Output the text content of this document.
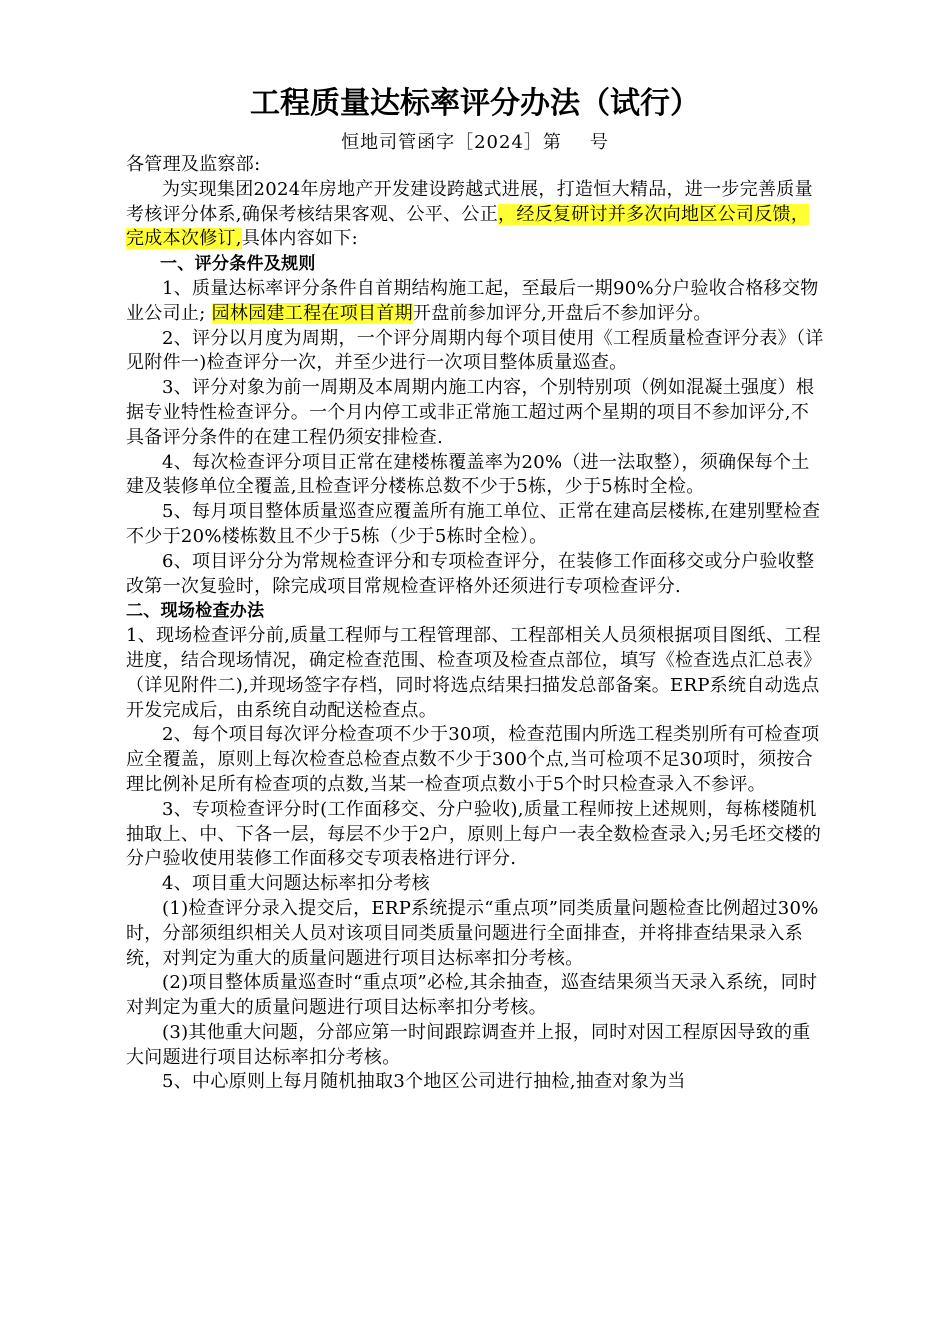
工程质量达标率评分办法（试行）
恒地司管函字［2024］第 号

各管理及监察部:

为实现集团2024年房地产开发建设跨越式进展，打造恒大精品，进一步完善质量考核评分体系,确保考核结果客观、公平、公正，经反复研讨并多次向地区公司反馈，完成本次修订,具体内容如下:

一、评分条件及规则

1、质量达标率评分条件自首期结构施工起，至最后一期90%分户验收合格移交物业公司止; 园林园建工程在项目首期开盘前参加评分,开盘后不参加评分。

2、评分以月度为周期，一个评分周期内每个项目使用《工程质量检查评分表》（详见附件一)检查评分一次，并至少进行一次项目整体质量巡查。

3、评分对象为前一周期及本周期内施工内容，个别特别项（例如混凝土强度）根据专业特性检查评分。一个月内停工或非正常施工超过两个星期的项目不参加评分,不具备评分条件的在建工程仍须安排检查.

4、每次检查评分项目正常在建楼栋覆盖率为20%（进一法取整），须确保每个土建及装修单位全覆盖,且检查评分楼栋总数不少于5栋，少于5栋时全检。

5、每月项目整体质量巡查应覆盖所有施工单位、正常在建高层楼栋,在建别墅检查不少于20%楼栋数且不少于5栋（少于5栋时全检）。

6、项目评分分为常规检查评分和专项检查评分，在装修工作面移交或分户验收整改第一次复验时，除完成项目常规检查评格外还须进行专项检查评分.

二、现场检查办法

1、现场检查评分前,质量工程师与工程管理部、工程部相关人员须根据项目图纸、工程进度，结合现场情况，确定检查范围、检查项及检查点部位，填写《检查选点汇总表》（详见附件二),并现场签字存档，同时将选点结果扫描发总部备案。ERP系统自动选点开发完成后，由系统自动配送检查点。

2、每个项目每次评分检查项不少于30项，检查范围内所选工程类别所有可检查项应全覆盖，原则上每次检查总检查点数不少于300个点,当可检项不足30项时，须按合理比例补足所有检查项的点数,当某一检查项点数小于5个时只检查录入不参评。

3、专项检查评分时(工作面移交、分户验收),质量工程师按上述规则，每栋楼随机抽取上、中、下各一层，每层不少于2户，原则上每户一表全数检查录入;另毛坯交楼的分户验收使用装修工作面移交专项表格进行评分.

4、项目重大问题达标率扣分考核

(1)检查评分录入提交后，ERP系统提示“重点项”同类质量问题检查比例超过30%时，分部须组织相关人员对该项目同类质量问题进行全面排查，并将排查结果录入系统，对判定为重大的质量问题进行项目达标率扣分考核。

(2)项目整体质量巡查时“重点项”必检,其余抽查，巡查结果须当天录入系统，同时对判定为重大的质量问题进行项目达标率扣分考核。

(3)其他重大问题，分部应第一时间跟踪调查并上报，同时对因工程原因导致的重大问题进行项目达标率扣分考核。

5、中心原则上每月随机抽取3个地区公司进行抽检,抽查对象为当
